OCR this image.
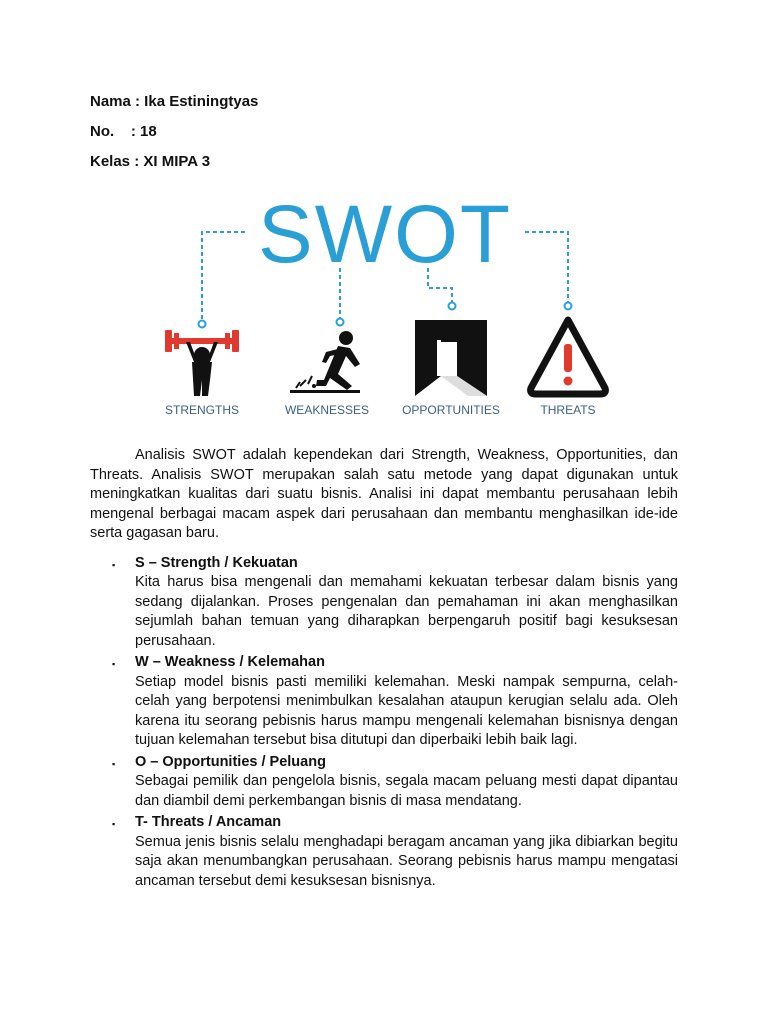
Nama : Ika Estiningtyas
No.    : 18
Kelas : XI MIPA 3
SWOT
STRENGTHS	WEAKNESSES	OPPORTUNITIES	THREATS

Analisis SWOT adalah kependekan dari Strength, Weakness, Opportunities, dan Threats. Analisis SWOT merupakan salah satu metode yang dapat digunakan untuk meningkatkan kualitas dari suatu bisnis. Analisi ini dapat membantu perusahaan lebih mengenal berbagai macam aspek dari perusahaan dan membantu menghasilkan ide-ide serta gagasan baru.

▪ S – Strength / Kekuatan
Kita harus bisa mengenali dan memahami kekuatan terbesar dalam bisnis yang sedang dijalankan. Proses pengenalan dan pemahaman ini akan menghasilkan sejumlah bahan temuan yang diharapkan berpengaruh positif bagi kesuksesan perusahaan.
▪ W – Weakness / Kelemahan
Setiap model bisnis pasti memiliki kelemahan. Meski nampak sempurna, celah-celah yang berpotensi menimbulkan kesalahan ataupun kerugian selalu ada. Oleh karena itu seorang pebisnis harus mampu mengenali kelemahan bisnisnya dengan tujuan kelemahan tersebut bisa ditutupi dan diperbaiki lebih baik lagi.
▪ O – Opportunities / Peluang
Sebagai pemilik dan pengelola bisnis, segala macam peluang mesti dapat dipantau dan diambil demi perkembangan bisnis di masa mendatang.
▪ T- Threats / Ancaman
Semua jenis bisnis selalu menghadapi beragam ancaman yang jika dibiarkan begitu saja akan menumbangkan perusahaan. Seorang pebisnis harus mampu mengatasi ancaman tersebut demi kesuksesan bisnisnya.
